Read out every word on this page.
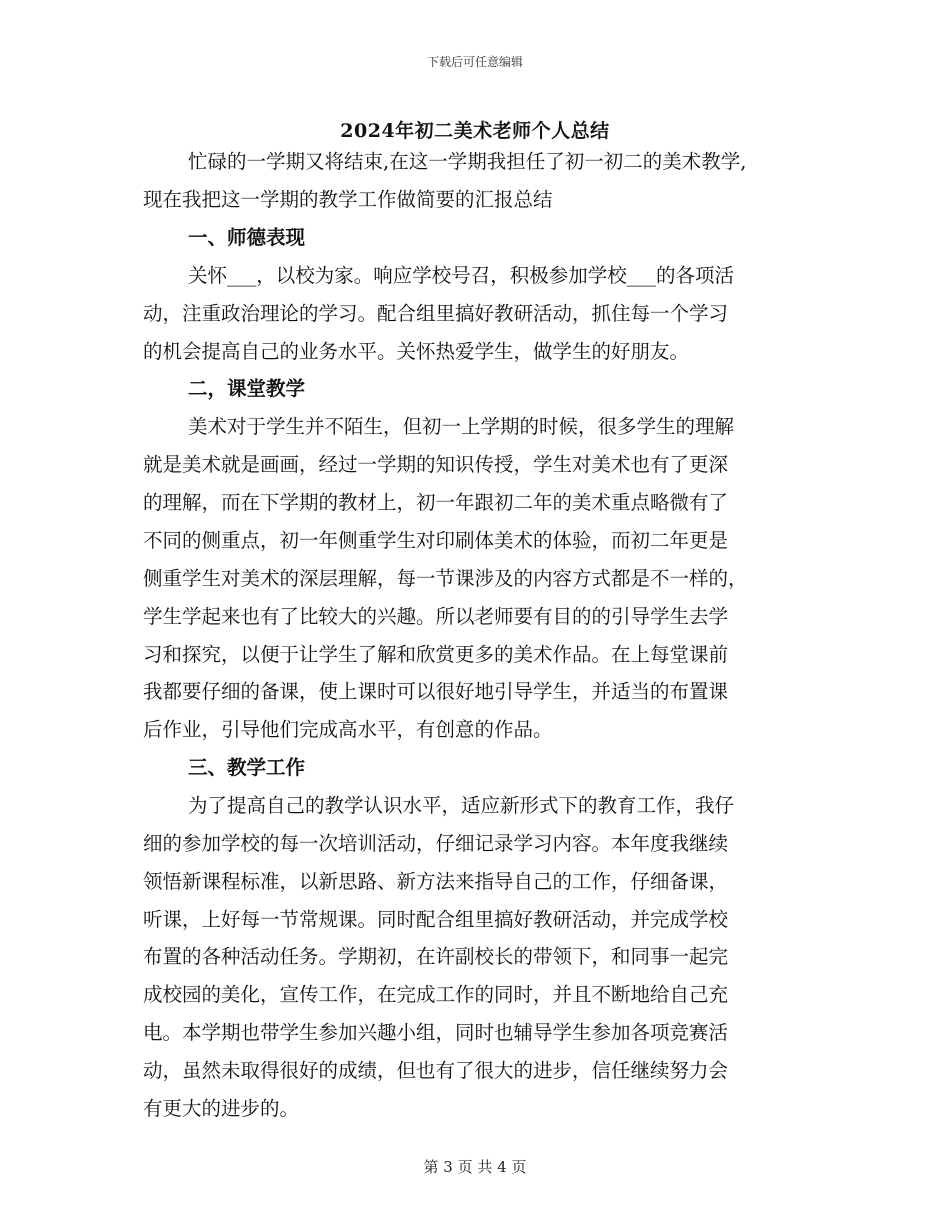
下载后可任意编辑
2024年初二美术老师个人总结
忙碌的一学期又将结束,在这一学期我担任了初一初二的美术教学,
现在我把这一学期的教学工作做简要的汇报总结
一、师德表现
关怀___，以校为家。响应学校号召，积极参加学校___的各项活
动，注重政治理论的学习。配合组里搞好教研活动，抓住每一个学习
的机会提高自己的业务水平。关怀热爱学生，做学生的好朋友。
二，课堂教学
美术对于学生并不陌生，但初一上学期的时候，很多学生的理解
就是美术就是画画，经过一学期的知识传授，学生对美术也有了更深
的理解，而在下学期的教材上，初一年跟初二年的美术重点略微有了
不同的侧重点，初一年侧重学生对印刷体美术的体验，而初二年更是
侧重学生对美术的深层理解，每一节课涉及的内容方式都是不一样的，
学生学起来也有了比较大的兴趣。所以老师要有目的的引导学生去学
习和探究，以便于让学生了解和欣赏更多的美术作品。在上每堂课前
我都要仔细的备课，使上课时可以很好地引导学生，并适当的布置课
后作业，引导他们完成高水平，有创意的作品。
三、教学工作
为了提高自己的教学认识水平，适应新形式下的教育工作，我仔
细的参加学校的每一次培训活动，仔细记录学习内容。本年度我继续
领悟新课程标准，以新思路、新方法来指导自己的工作，仔细备课，
听课，上好每一节常规课。同时配合组里搞好教研活动，并完成学校
布置的各种活动任务。学期初，在许副校长的带领下，和同事一起完
成校园的美化，宣传工作，在完成工作的同时，并且不断地给自己充
电。本学期也带学生参加兴趣小组，同时也辅导学生参加各项竞赛活
动，虽然未取得很好的成绩，但也有了很大的进步，信任继续努力会
有更大的进步的。
第 3 页 共 4 页
